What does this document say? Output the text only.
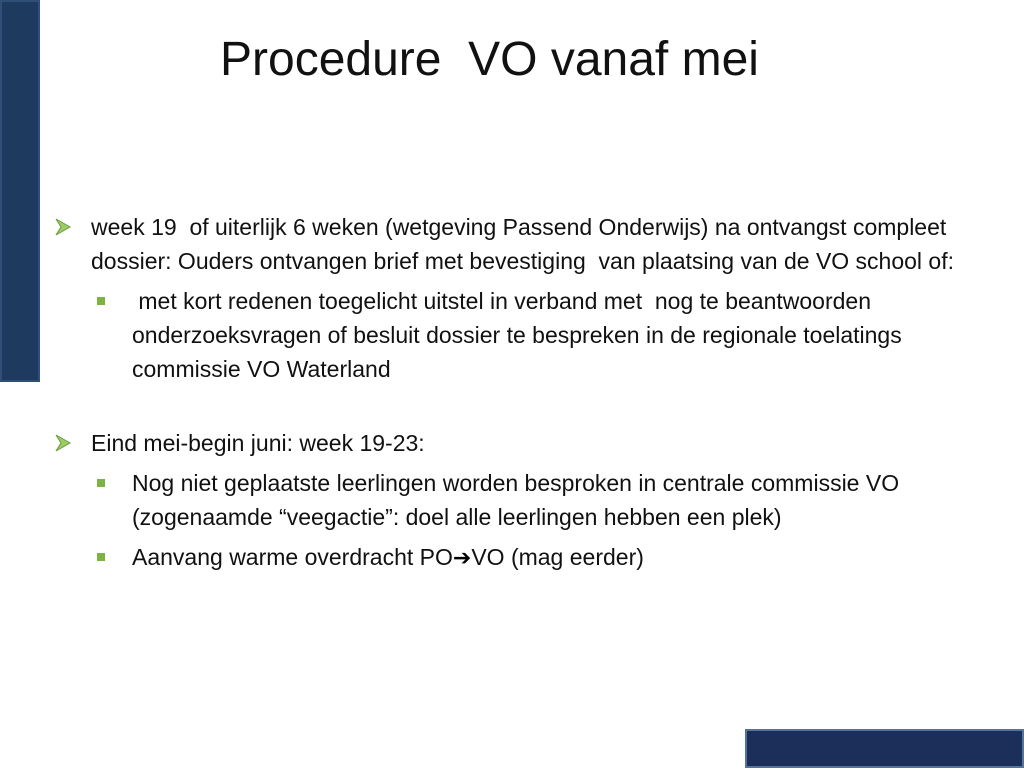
Procedure  VO vanaf mei
week 19  of uiterlijk 6 weken (wetgeving Passend Onderwijs) na ontvangst compleet dossier: Ouders ontvangen brief met bevestiging  van plaatsing van de VO school of:
met kort redenen toegelicht uitstel in verband met  nog te beantwoorden onderzoeksvragen of besluit dossier te bespreken in de regionale toelatings commissie VO Waterland
Eind mei-begin juni: week 19-23:
Nog niet geplaatste leerlingen worden besproken in centrale commissie VO  (zogenaamde “veegactie”: doel alle leerlingen hebben een plek)
Aanvang warme overdracht PO➔VO (mag eerder)
